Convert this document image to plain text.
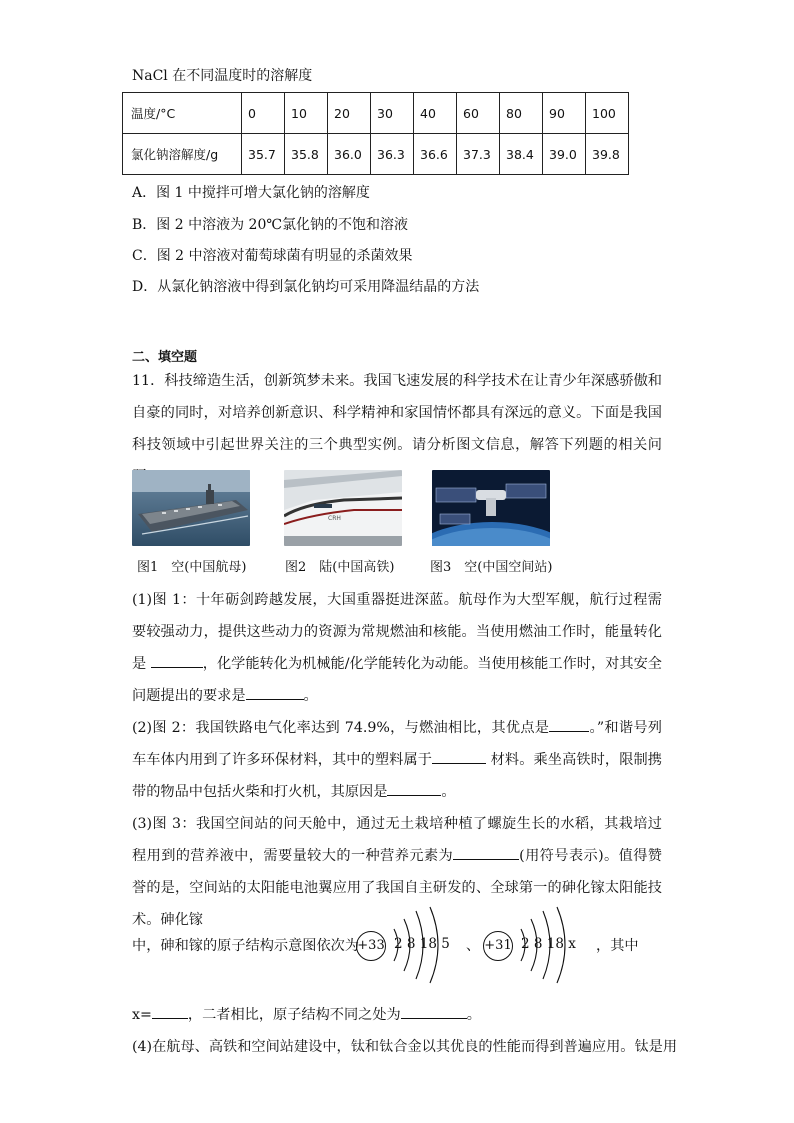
NaCl 在不同温度时的溶解度
温度/°C	0	10	20	30	40	60	80	90	100
氯化钠溶解度/g	35.7	35.8	36.0	36.3	36.6	37.3	38.4	39.0	39.8
A．图 1 中搅拌可增大氯化钠的溶解度
B．图 2 中溶液为 20℃氯化钠的不饱和溶液
C．图 2 中溶液对葡萄球菌有明显的杀菌效果
D．从氯化钠溶液中得到氯化钠均可采用降温结晶的方法
二、填空题
11．科技缔造生活，创新筑梦未来。我国飞速发展的科学技术在让青少年深感骄傲和自豪的同时，对培养创新意识、科学精神和家国情怀都具有深远的意义。下面是我国科技领域中引起世界关注的三个典型实例。请分析图文信息，解答下列题的相关问
CRH
图1　空(中国航母)	图2　陆(中国高铁)	图3　空(中国空间站)
(1)图 1：十年砺剑跨越发展，大国重器挺进深蓝。航母作为大型军舰，航行过程需要较强动力，提供这些动力的资源为常规燃油和核能。当使用燃油工作时，能量转化是	，化学能转化为机械能/化学能转化为动能。当使用核能工作时，对其安全问题提出的要求是	。
(2)图 2：我国铁路电气化率达到 74.9%，与燃油相比，其优点是	。”和谐号列车车体内用到了许多环保材料，其中的塑料属于	材料。乘坐高铁时，限制携带的物品中包括火柴和打火机，其原因是	。
(3)图 3：我国空间站的问天舱中，通过无土栽培种植了螺旋生长的水稻，其栽培过程用到的营养液中，需要量较大的一种营养元素为	(用符号表示)。值得赞誉的是，空间站的太阳能电池翼应用了我国自主研发的、全球第一的砷化镓太阳能技术。砷化镓
中，砷和镓的原子结构示意图依次为
+33 2 8 18 5 、 +31 2 8 18 x ，其中
x=	，二者相比，原子结构不同之处为	。
(4)在航母、高铁和空间站建设中，钛和钛合金以其优良的性能而得到普遍应用。钛是用
